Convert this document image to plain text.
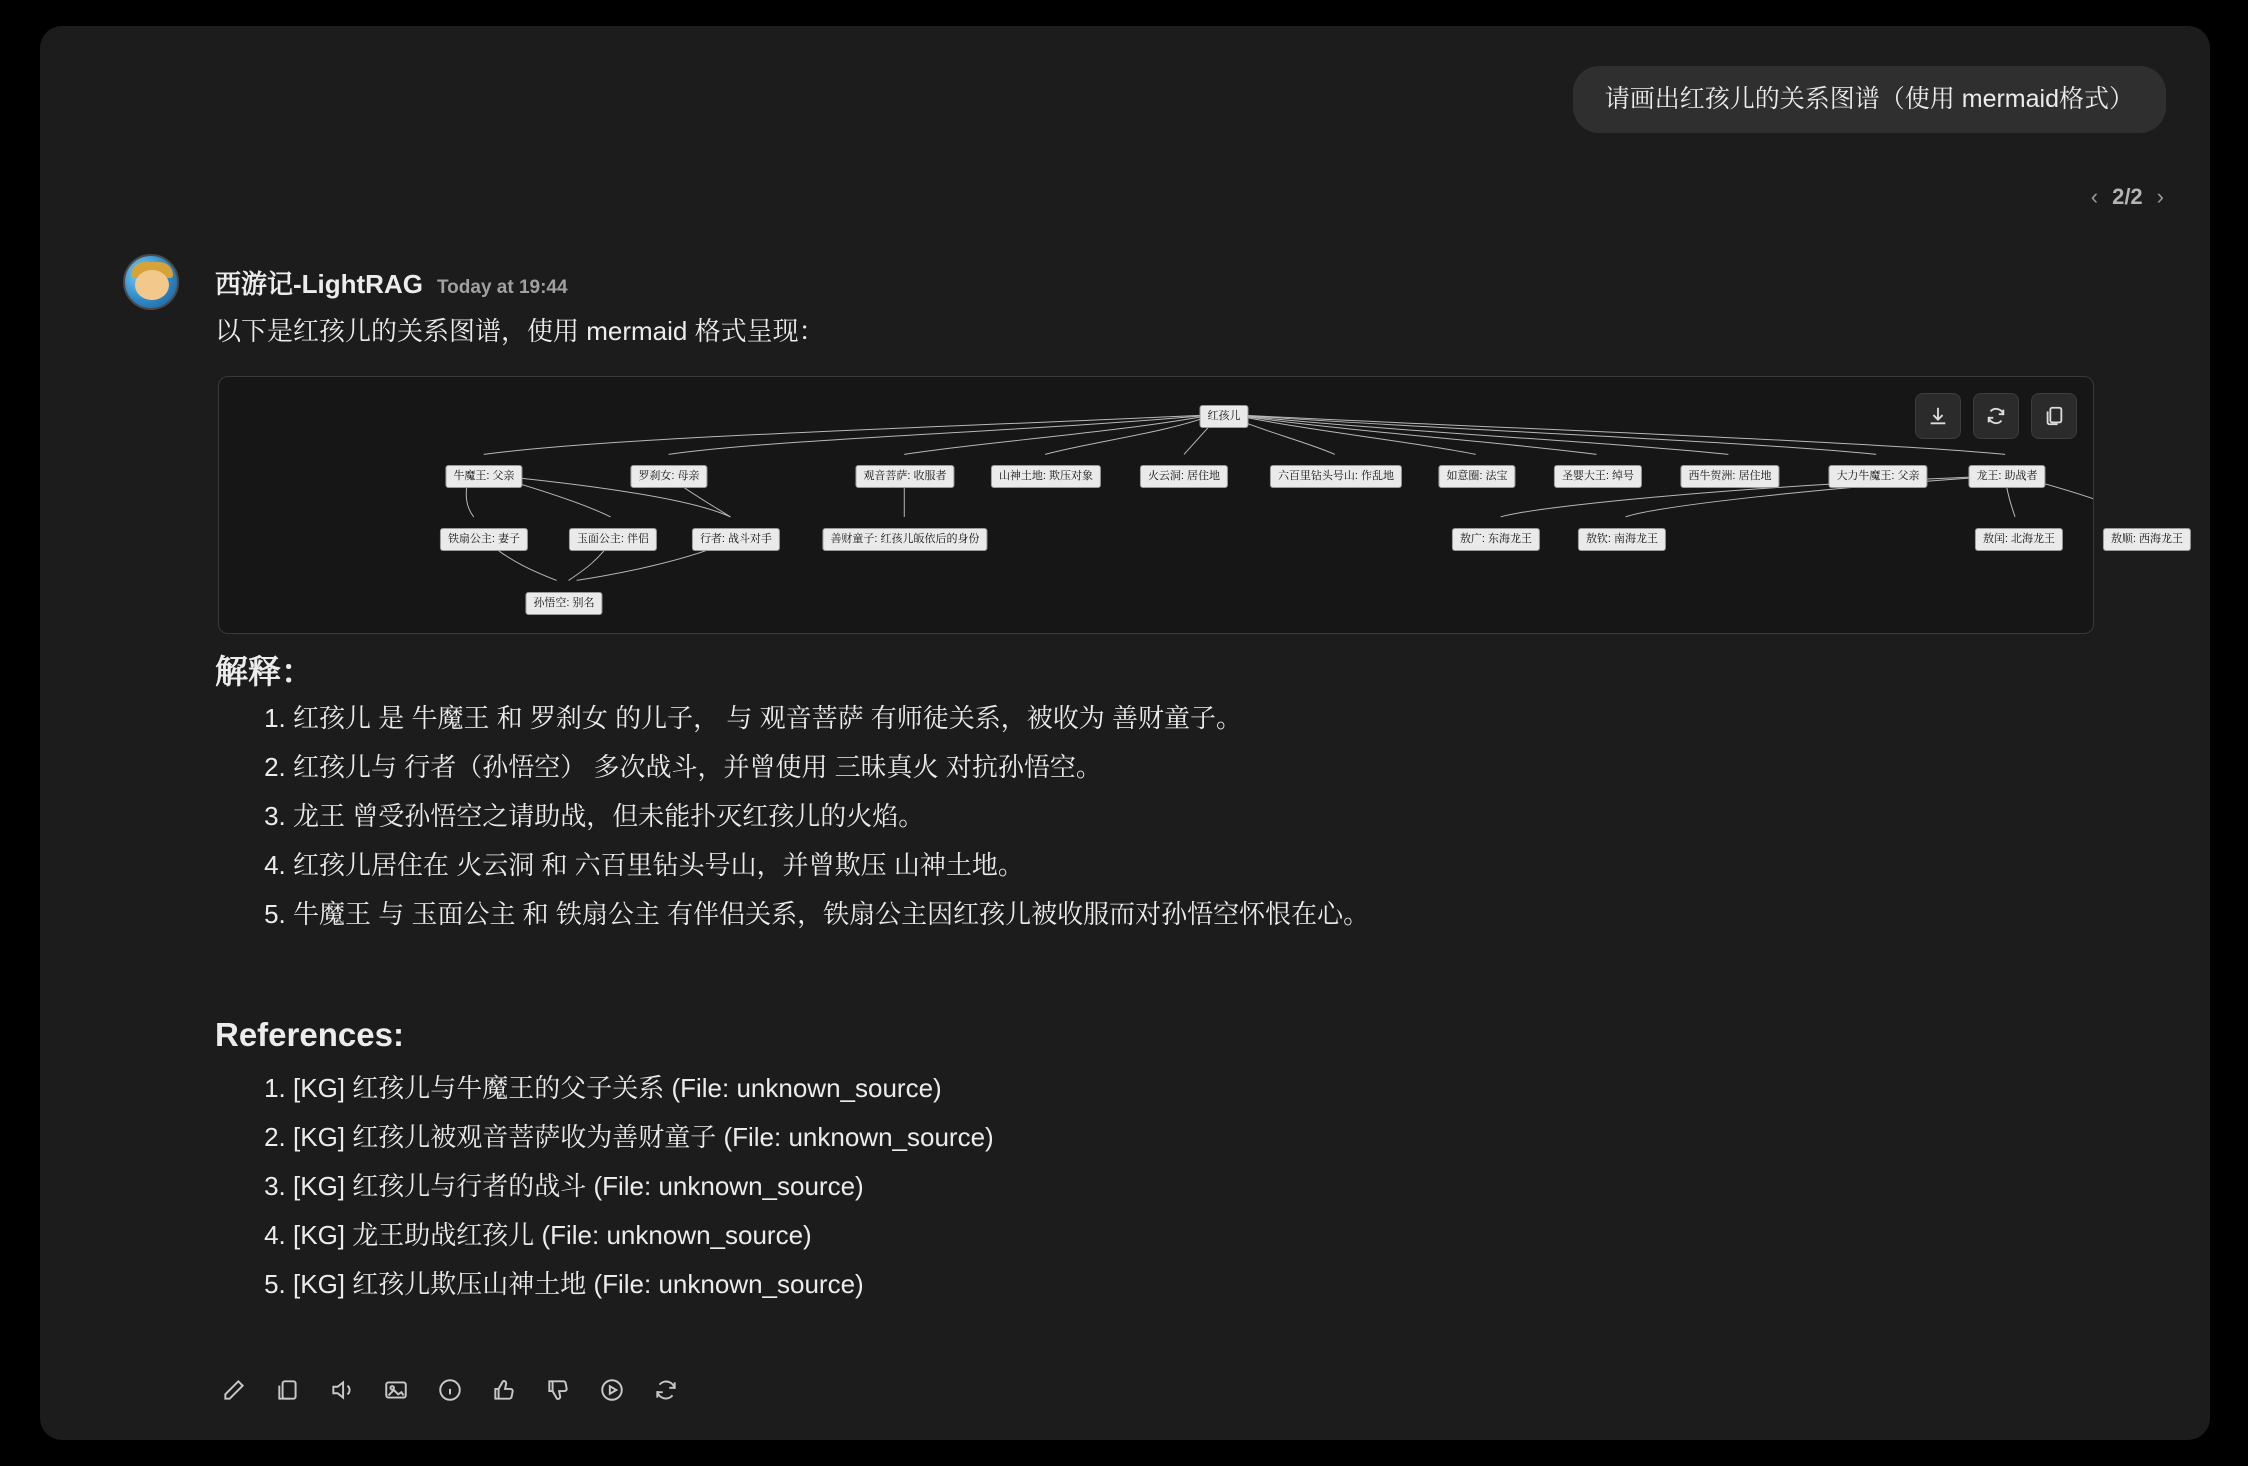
请画出红孩儿的关系图谱（使用 mermaid格式）
‹ 2/2 ›
西游记-LightRAG Today at 19:44
以下是红孩儿的关系图谱，使用 mermaid 格式呈现：
红孩儿
牛魔王: 父亲	罗刹女: 母亲	观音菩萨: 收服者	山神土地: 欺压对象	火云洞: 居住地	六百里钻头号山: 作乱地	如意圈: 法宝	圣婴大王: 绰号	西牛贺洲: 居住地	大力牛魔王: 父亲	龙王: 助战者
铁扇公主: 妻子	玉面公主: 伴侣	行者: 战斗对手	善财童子: 红孩儿皈依后的身份	敖广: 东海龙王	敖钦: 南海龙王	敖闰: 北海龙王	敖顺: 西海龙王
孙悟空: 别名
解释：
1. 红孩儿 是 牛魔王 和 罗刹女 的儿子， 与 观音菩萨 有师徒关系，被收为 善财童子。
2. 红孩儿与 行者（孙悟空） 多次战斗，并曾使用 三昧真火 对抗孙悟空。
3. 龙王 曾受孙悟空之请助战，但未能扑灭红孩儿的火焰。
4. 红孩儿居住在 火云洞 和 六百里钻头号山，并曾欺压 山神土地。
5. 牛魔王 与 玉面公主 和 铁扇公主 有伴侣关系，铁扇公主因红孩儿被收服而对孙悟空怀恨在心。
References:
1. [KG] 红孩儿与牛魔王的父子关系 (File: unknown_source)
2. [KG] 红孩儿被观音菩萨收为善财童子 (File: unknown_source)
3. [KG] 红孩儿与行者的战斗 (File: unknown_source)
4. [KG] 龙王助战红孩儿 (File: unknown_source)
5. [KG] 红孩儿欺压山神土地 (File: unknown_source)
